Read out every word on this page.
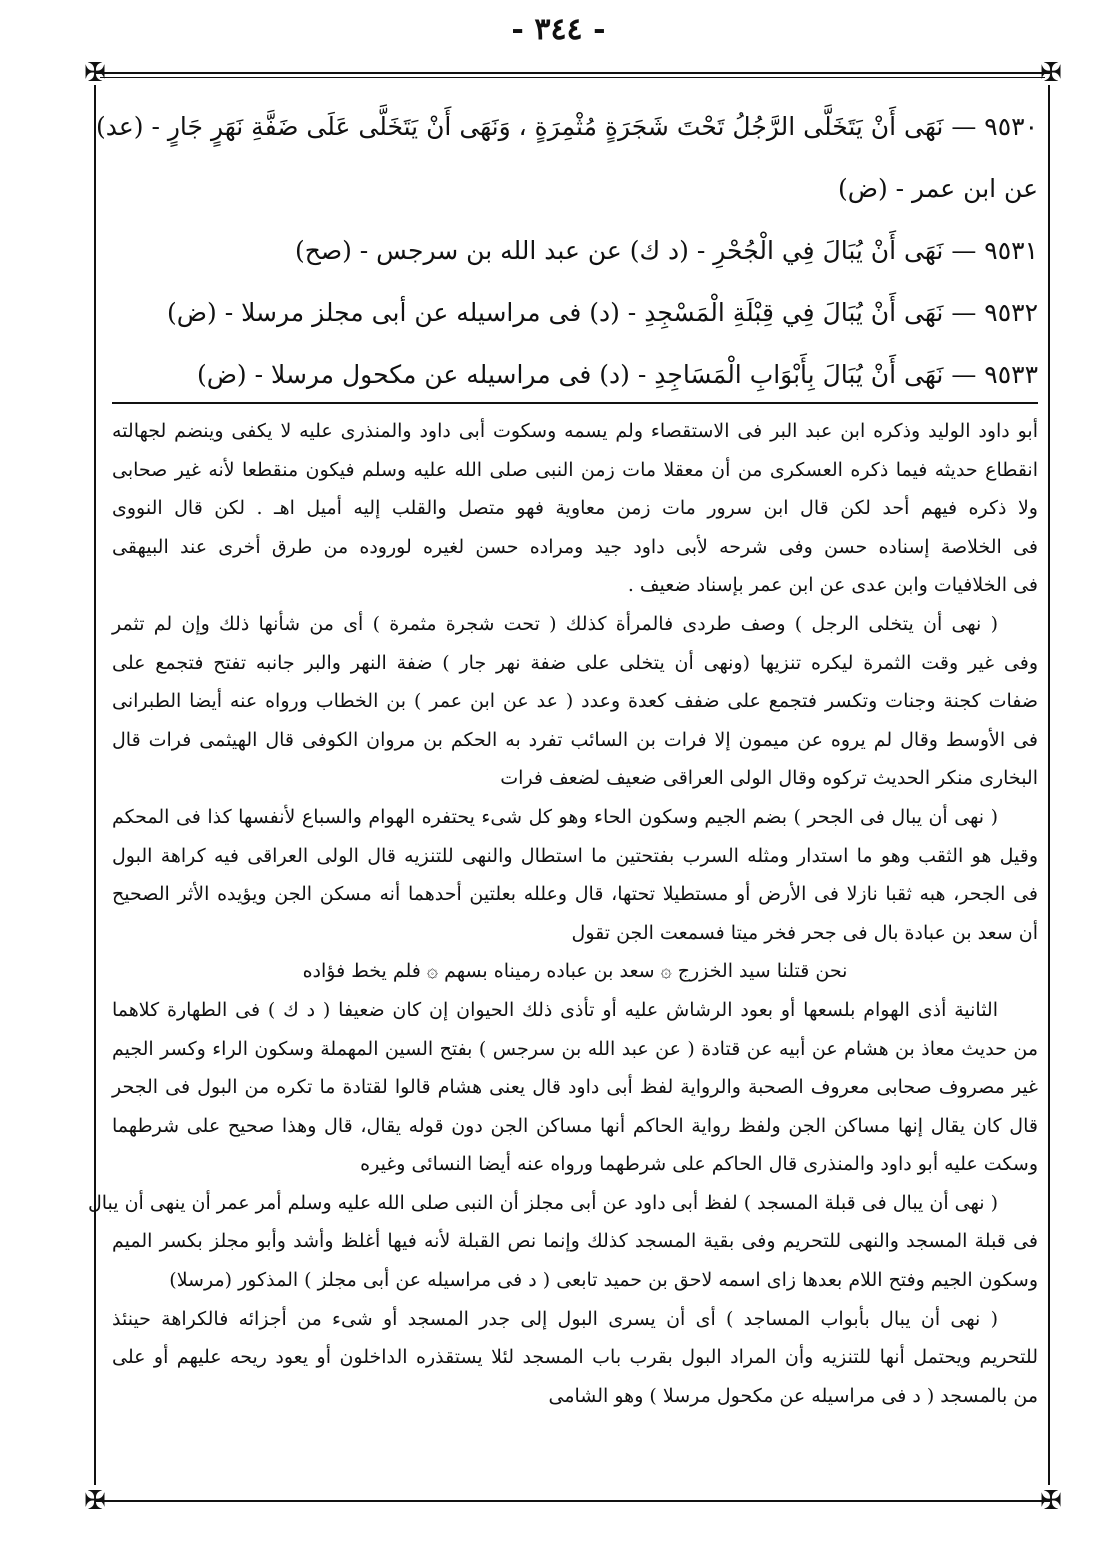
- ٣٤٤ -
✠	✠
✠	✠
٩٥٣٠ — نَهَى أَنْ يَتَخَلَّى الرَّجُلُ تَحْتَ شَجَرَةٍ مُثْمِرَةٍ ، وَنَهَى أَنْ يَتَخَلَّى عَلَى ضَفَّةِ نَهَرٍ جَارٍ - (عد)
عن ابن عمر - (ض)
٩٥٣١ — نَهَى أَنْ يُبَالَ فِي الْجُحْرِ - (د ك) عن عبد الله بن سرجس - (صح)
٩٥٣٢ — نَهَى أَنْ يُبَالَ فِي قِبْلَةِ الْمَسْجِدِ - (د) فى مراسيله عن أبى مجلز مرسلا - (ض)
٩٥٣٣ — نَهَى أَنْ يُبَالَ بِأَبْوَابِ الْمَسَاجِدِ - (د) فى مراسيله عن مكحول مرسلا - (ض)
أبو داود الوليد وذكره ابن عبد البر فى الاستقصاء ولم يسمه وسكوت أبى داود والمنذرى عليه لا يكفى وينضم لجهالته
انقطاع حديثه فيما ذكره العسكرى من أن معقلا مات زمن النبى صلى الله عليه وسلم فيكون منقطعا لأنه غير صحابى
ولا ذكره فيهم أحد لكن قال ابن سرور مات زمن معاوية فهو متصل والقلب إليه أميل اهـ . لكن قال النووى
فى الخلاصة إسناده حسن وفى شرحه لأبى داود جيد ومراده حسن لغيره لوروده من طرق أخرى عند البيهقى
فى الخلافيات وابن عدى عن ابن عمر بإسناد ضعيف .
( نهى أن يتخلى الرجل ) وصف طردى فالمرأة كذلك ( تحت شجرة مثمرة ) أى من شأنها ذلك وإن لم تثمر
وفى غير وقت الثمرة ليكره تنزيها (ونهى أن يتخلى على ضفة نهر جار ) ضفة النهر والبر جانبه تفتح فتجمع على
ضفات كجنة وجنات وتكسر فتجمع على ضفف كعدة وعدد ( عد عن ابن عمر ) بن الخطاب ورواه عنه أيضا الطبرانى
فى الأوسط وقال لم يروه عن ميمون إلا فرات بن السائب تفرد به الحكم بن مروان الكوفى قال الهيثمى فرات قال
البخارى منكر الحديث تركوه وقال الولى العراقى ضعيف لضعف فرات
( نهى أن يبال فى الجحر ) بضم الجيم وسكون الحاء وهو كل شىء يحتفره الهوام والسباع لأنفسها كذا فى المحكم
وقيل هو الثقب وهو ما استدار ومثله السرب بفتحتين ما استطال والنهى للتنزيه قال الولى العراقى فيه كراهة البول
فى الجحر، هبه ثقبا نازلا فى الأرض أو مستطيلا تحتها، قال وعلله بعلتين أحدهما أنه مسكن الجن ويؤيده الأثر الصحيح
أن سعد بن عبادة بال فى جحر فخر ميتا فسمعت الجن تقول
نحن قتلنا سيد الخزرج ۞ سعد بن عباده رميناه بسهم ۞ فلم يخط فؤاده
الثانية أذى الهوام بلسعها أو بعود الرشاش عليه أو تأذى ذلك الحيوان إن كان ضعيفا ( د ك ) فى الطهارة كلاهما
من حديث معاذ بن هشام عن أبيه عن قتادة ( عن عبد الله بن سرجس ) بفتح السين المهملة وسكون الراء وكسر الجيم
غير مصروف صحابى معروف الصحبة والرواية لفظ أبى داود قال يعنى هشام قالوا لقتادة ما تكره من البول فى الجحر
قال كان يقال إنها مساكن الجن ولفظ رواية الحاكم أنها مساكن الجن دون قوله يقال، قال وهذا صحيح على شرطهما
وسكت عليه أبو داود والمنذرى قال الحاكم على شرطهما ورواه عنه أيضا النسائى وغيره
( نهى أن يبال فى قبلة المسجد ) لفظ أبى داود عن أبى مجلز أن النبى صلى الله عليه وسلم أمر عمر أن ينهى أن يبال
فى قبلة المسجد والنهى للتحريم وفى بقية المسجد كذلك وإنما نص القبلة لأنه فيها أغلظ وأشد وأبو مجلز بكسر الميم
وسكون الجيم وفتح اللام بعدها زاى اسمه لاحق بن حميد تابعى ( د فى مراسيله عن أبى مجلز ) المذكور (مرسلا)
( نهى أن يبال بأبواب المساجد ) أى أن يسرى البول إلى جدر المسجد أو شىء من أجزائه فالكراهة حينئذ
للتحريم ويحتمل أنها للتنزيه وأن المراد البول بقرب باب المسجد لئلا يستقذره الداخلون أو يعود ريحه عليهم أو على
من بالمسجد ( د فى مراسيله عن مكحول مرسلا ) وهو الشامى
